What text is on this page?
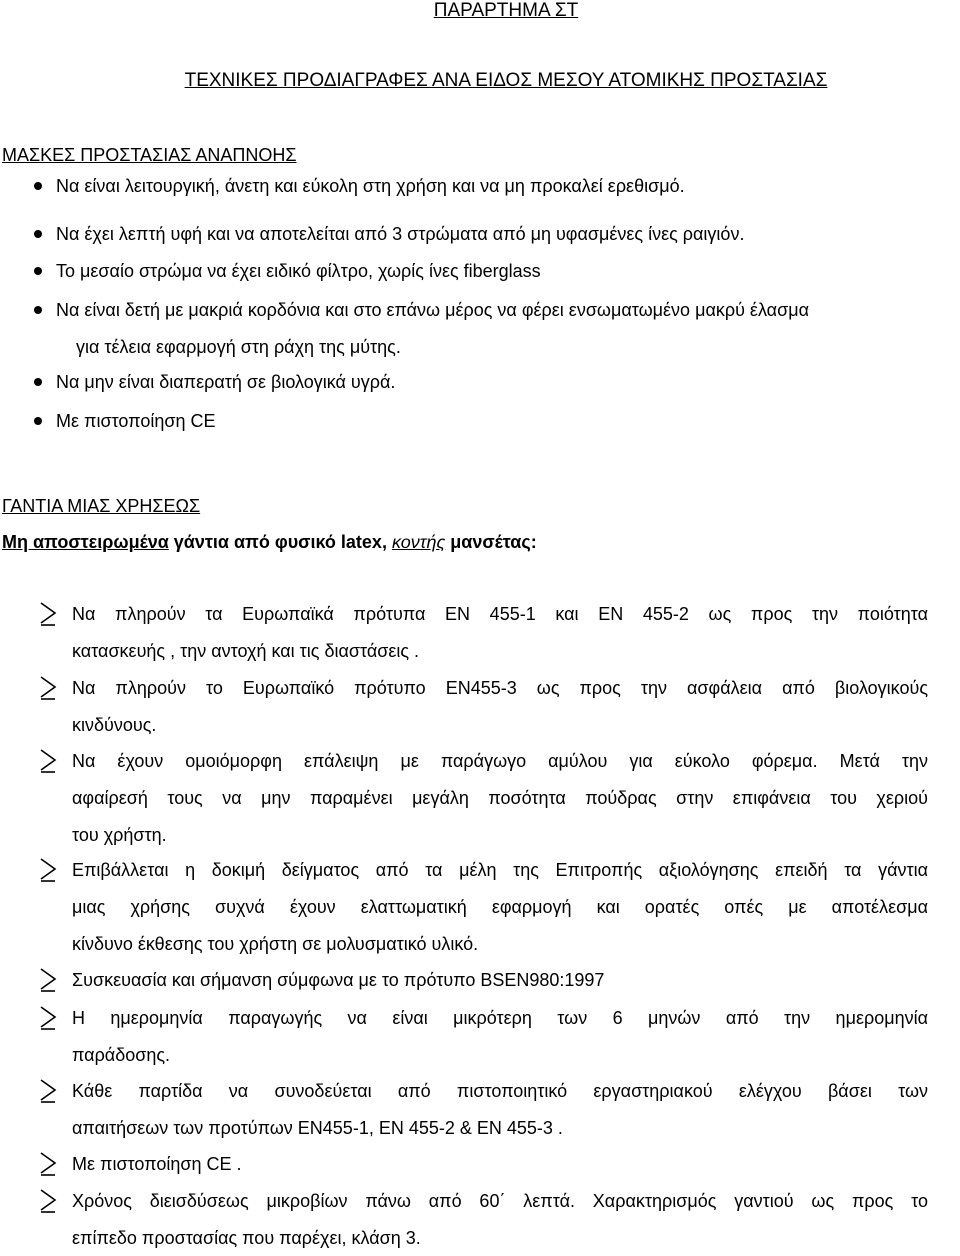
ΠΑΡΑΡΤΗΜΑ ΣΤ
ΤΕΧΝΙΚΕΣ ΠΡΟΔΙΑΓΡΑΦΕΣ ΑΝΑ ΕΙΔΟΣ ΜΕΣΟΥ ΑΤΟΜΙΚΗΣ ΠΡΟΣΤΑΣΙΑΣ
ΜΑΣΚΕΣ ΠΡΟΣΤΑΣΙΑΣ ΑΝΑΠΝΟΗΣ
Να είναι λειτουργική, άνετη και εύκολη στη χρήση και να μη προκαλεί ερεθισμό.
Να έχει λεπτή υφή και να αποτελείται από 3 στρώματα από μη υφασμένες ίνες ραιγιόν.
Το μεσαίο στρώμα να έχει ειδικό φίλτρο, χωρίς ίνες fiberglass
Να είναι δετή με μακριά κορδόνια και στο επάνω μέρος να φέρει ενσωματωμένο μακρύ έλασμα
για τέλεια εφαρμογή στη ράχη της μύτης.
Να μην είναι διαπερατή σε βιολογικά υγρά.
Με πιστοποίηση CE
ΓΑΝΤΙΑ ΜΙΑΣ ΧΡΗΣΕΩΣ
Μη αποστειρωμένα γάντια από φυσικό latex, κοντής μανσέτας:
Να πληρούν τα Ευρωπαϊκά πρότυπα ΕΝ 455-1 και ΕΝ 455-2 ως προς την ποιότητα
κατασκευής , την αντοχή και τις διαστάσεις .
Να πληρούν το Ευρωπαϊκό πρότυπο ΕΝ455-3 ως προς την ασφάλεια από βιολογικούς
κινδύνους.
Να έχουν ομοιόμορφη επάλειψη με παράγωγο αμύλου για εύκολο φόρεμα. Μετά την
αφαίρεσή τους να μην παραμένει μεγάλη ποσότητα πούδρας στην επιφάνεια του χεριού
του χρήστη.
Επιβάλλεται η δοκιμή δείγματος από τα μέλη της Επιτροπής αξιολόγησης επειδή τα γάντια
μιας χρήσης συχνά έχουν ελαττωματική εφαρμογή και ορατές οπές με αποτέλεσμα
κίνδυνο έκθεσης του χρήστη σε μολυσματικό υλικό.
Συσκευασία και σήμανση σύμφωνα με το πρότυπο BSEN980:1997
Η ημερομηνία παραγωγής να είναι μικρότερη των 6 μηνών από την ημερομηνία
παράδοσης.
Κάθε παρτίδα να συνοδεύεται από πιστοποιητικό εργαστηριακού ελέγχου βάσει των
απαιτήσεων των προτύπων ΕΝ455-1, ΕΝ 455-2 & ΕΝ 455-3 .
Με πιστοποίηση CE .
Χρόνος διεισδύσεως μικροβίων πάνω από 60΄ λεπτά. Χαρακτηρισμός γαντιού ως προς το
επίπεδο προστασίας που παρέχει, κλάση 3.
